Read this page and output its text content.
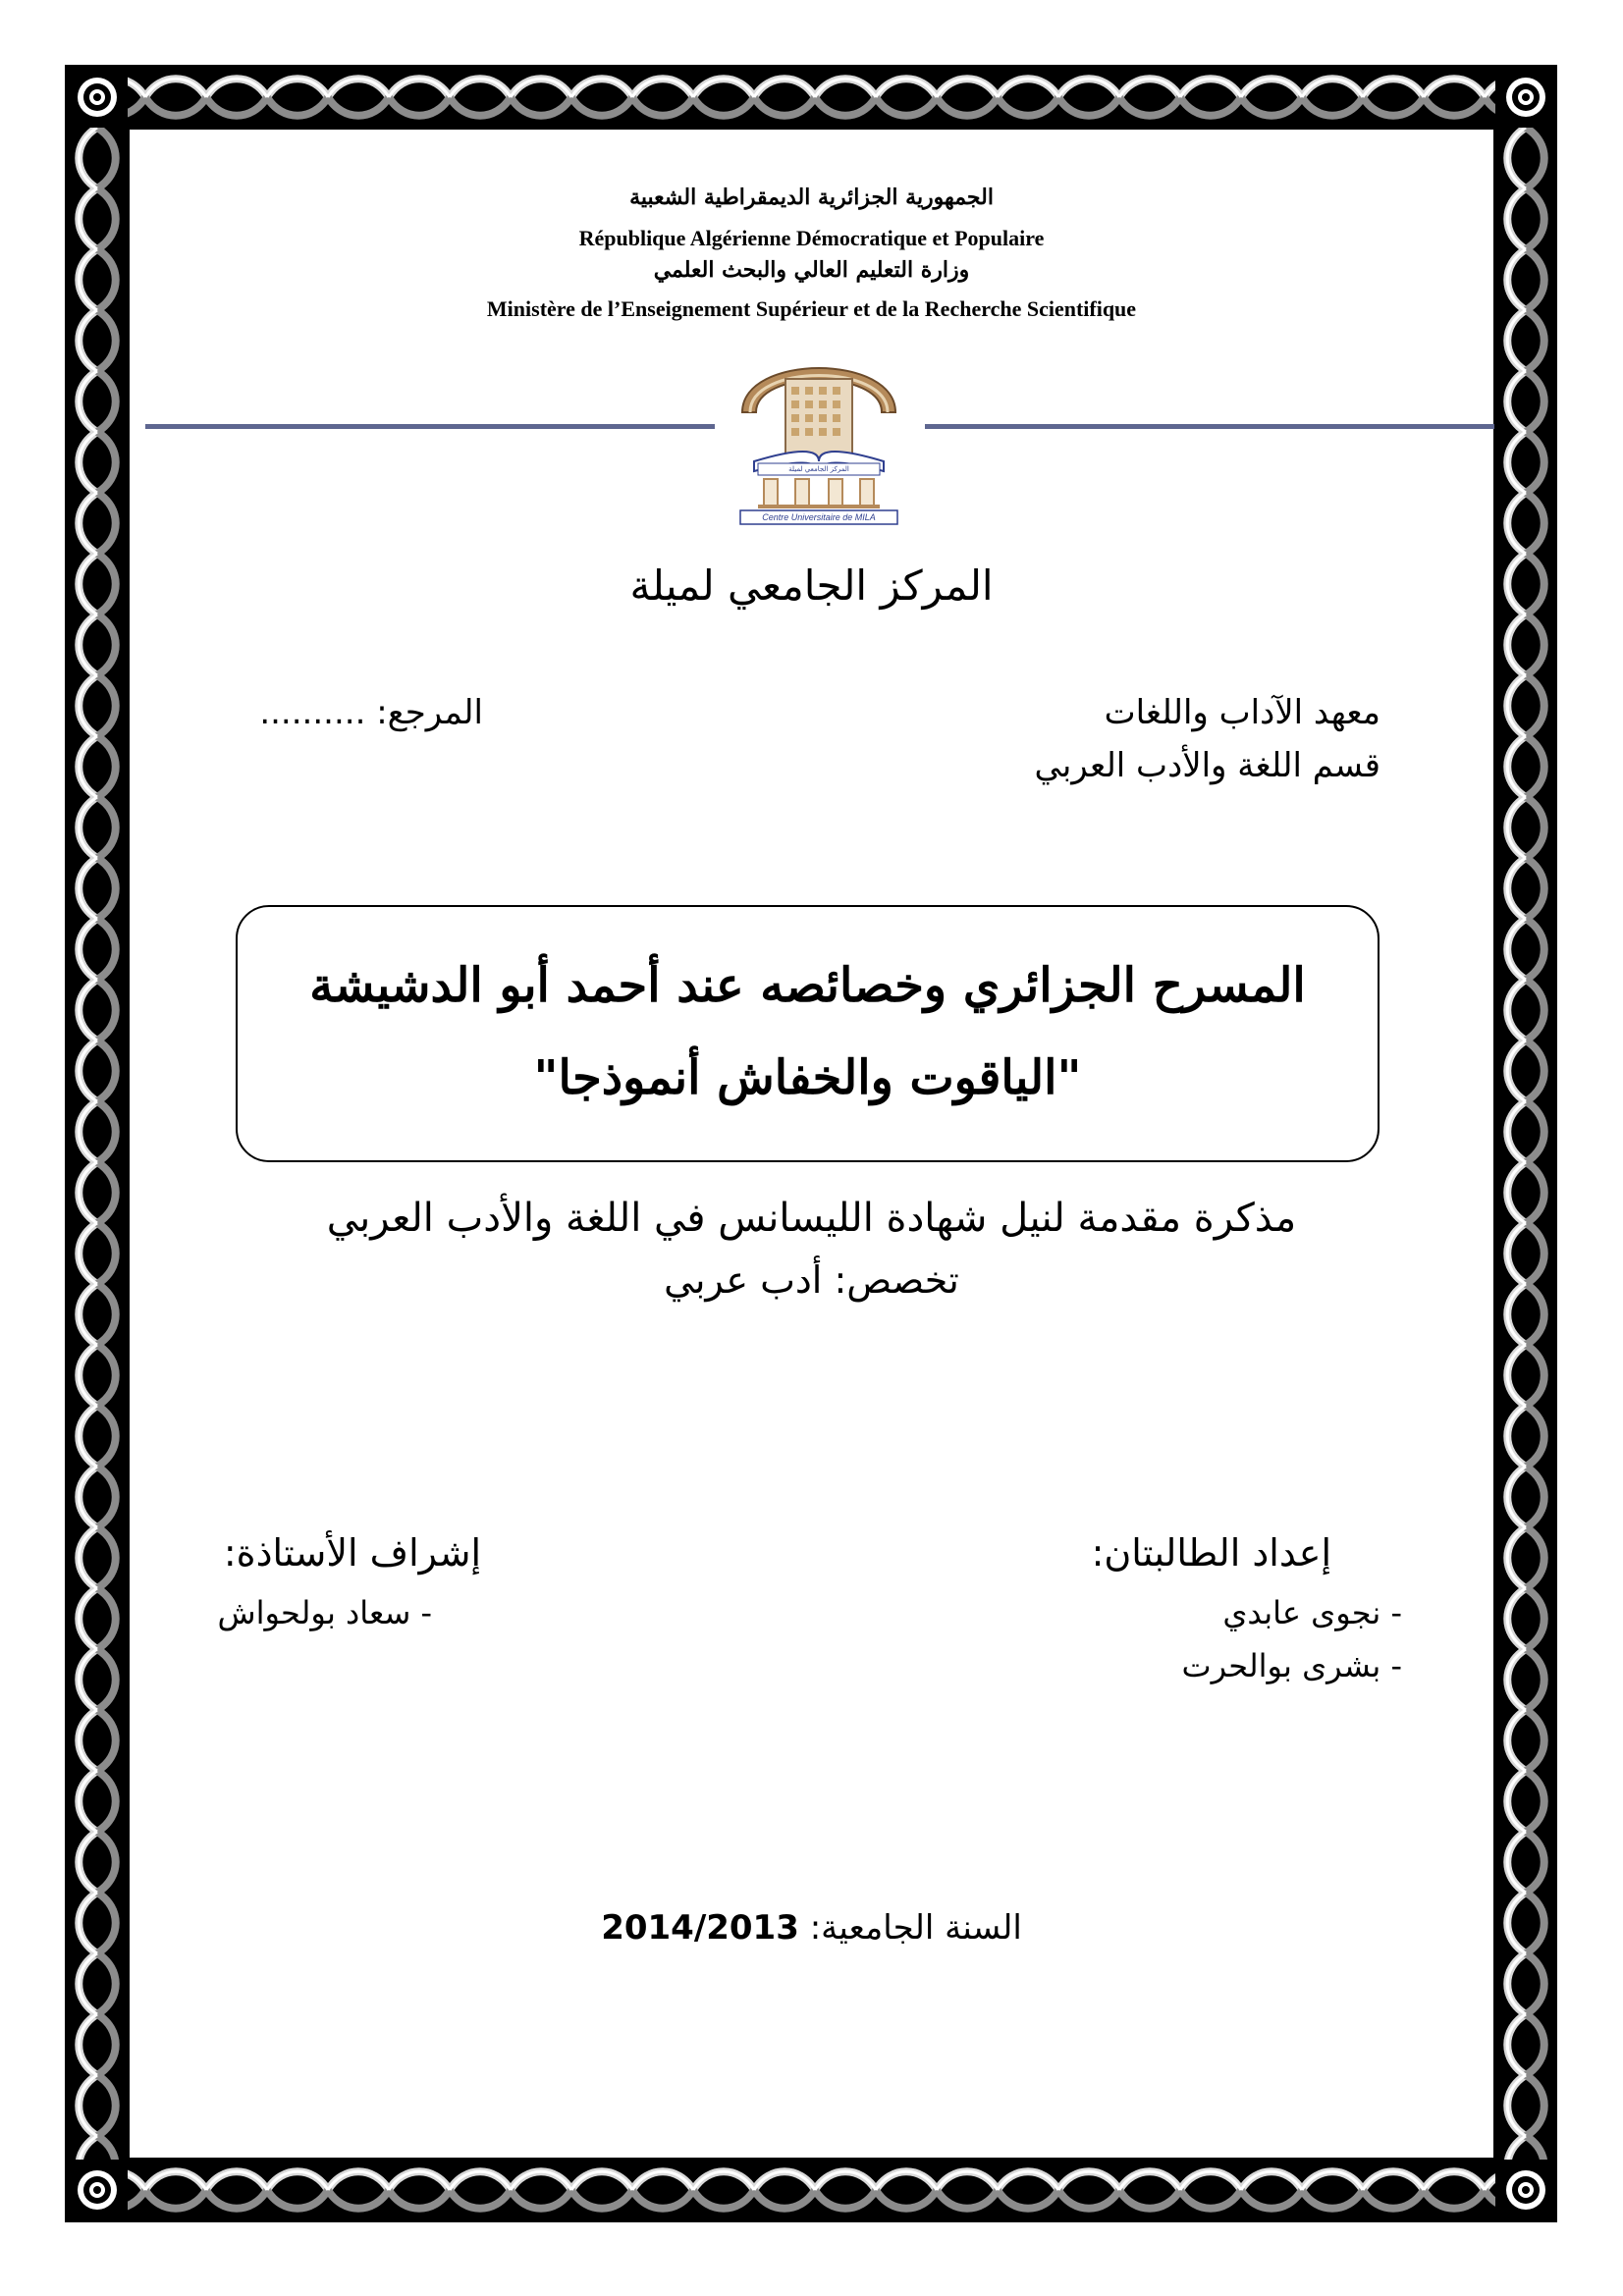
الجمهورية الجزائرية الديمقراطية الشعبية
République Algérienne Démocratique et Populaire
وزارة التعليم العالي والبحث العلمي
Ministère de l’Enseignement Supérieur et de la Recherche Scientifique
المركز الجامعي لميلة
Centre Universitaire de MILA
المركز الجامعي لميلة
معهد الآداب واللغات
قسم اللغة والأدب العربي
المرجع: ..........
المسرح الجزائري وخصائصه عند أحمد أبو الدشيشة
"الياقوت والخفاش أنموذجا"
مذكرة مقدمة لنيل شهادة الليسانس في اللغة والأدب العربي
تخصص: أدب عربي
إعداد الطالبتان:
- نجوى عابدي
- بشرى بوالحرت
إشراف الأستاذة:
- سعاد بولحواش
السنة الجامعية: 2014/2013
